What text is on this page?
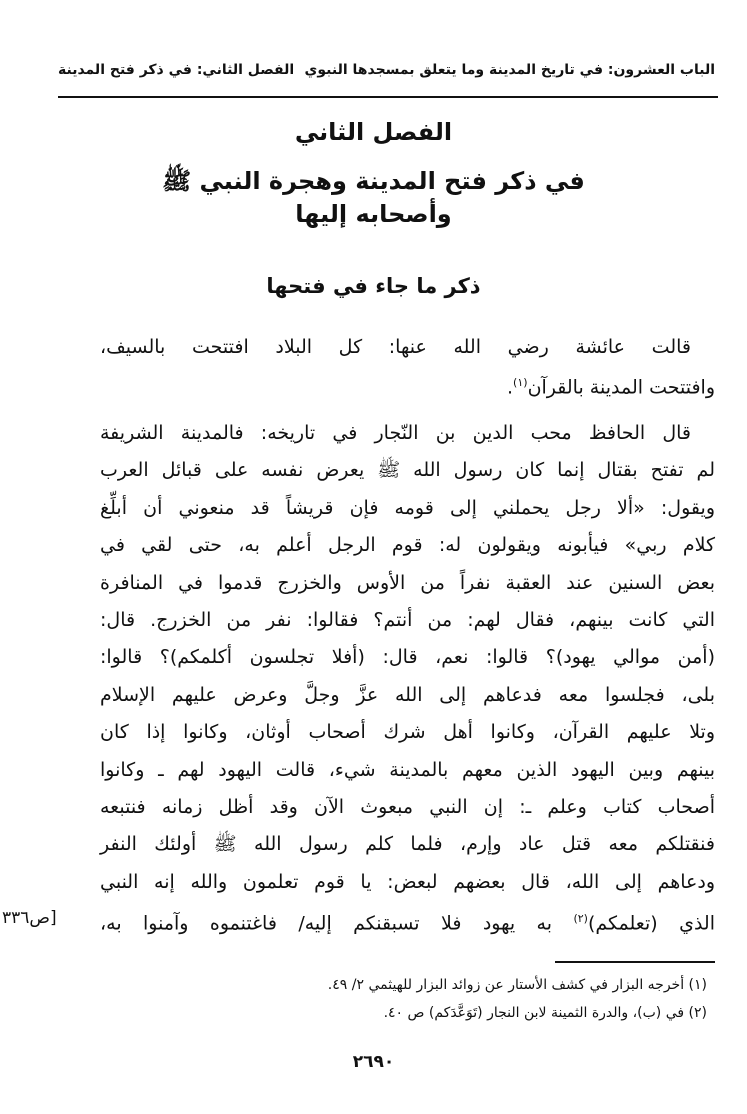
الباب العشرون: في تاريخ المدينة وما يتعلق بمسجدها النبوي
الفصل الثاني: في ذكر فتح المدينة
الفصل الثاني
في ذكر فتح المدينة وهجرة النبي ﷺ
وأصحابه إليها
ذكر ما جاء في فتحها
قالت عائشة رضي الله عنها: كل البلاد افتتحت بالسيف،
وافتتحت المدينة بالقرآن$^{(١)}$.
قال الحافظ محب الدين بن النّجار في تاريخه: فالمدينة الشريفة
لم تفتح بقتال إنما كان رسول الله ﷺ يعرض نفسه على قبائل العرب
ويقول: «ألا رجل يحملني إلى قومه فإن قريشاً قد منعوني أن أبلِّغ
كلام ربي» فيأبونه ويقولون له: قوم الرجل أعلم به، حتى لقي في
بعض السنين عند العقبة نفراً من الأوس والخزرج قدموا في المنافرة
التي كانت بينهم، فقال لهم: من أنتم؟ فقالوا: نفر من الخزرج. قال:
(أمن موالي يهود)؟ قالوا: نعم، قال: (أفلا تجلسون أكلمكم)؟ قالوا:
بلى، فجلسوا معه فدعاهم إلى الله عزَّ وجلَّ وعرض عليهم الإسلام
وتلا عليهم القرآن، وكانوا أهل شرك أصحاب أوثان، وكانوا إذا كان
بينهم وبين اليهود الذين معهم بالمدينة شيء، قالت اليهود لهم ـ وكانوا
أصحاب كتاب وعلم ـ: إن النبي مبعوث الآن وقد أظل زمانه فنتبعه
فنقتلكم معه قتل عاد وإرم، فلما كلم رسول الله ﷺ أولئك النفر
ودعاهم إلى الله، قال بعضهم لبعض: يا قوم تعلمون والله إنه النبي
الذي (تعلمكم)$^{(٢)}$ به يهود فلا تسبقنكم إليه/ فاغتنموه وآمنوا به،
[ص٣٣٦
(١) أخرجه البزار في كشف الأستار عن زوائد البزار للهيثمي ٢/ ٤٩.
(٢) في (ب)، والدرة الثمينة لابن النجار (تَوَعَّدَكم) ص ٤٠.
٢٦٩٠
